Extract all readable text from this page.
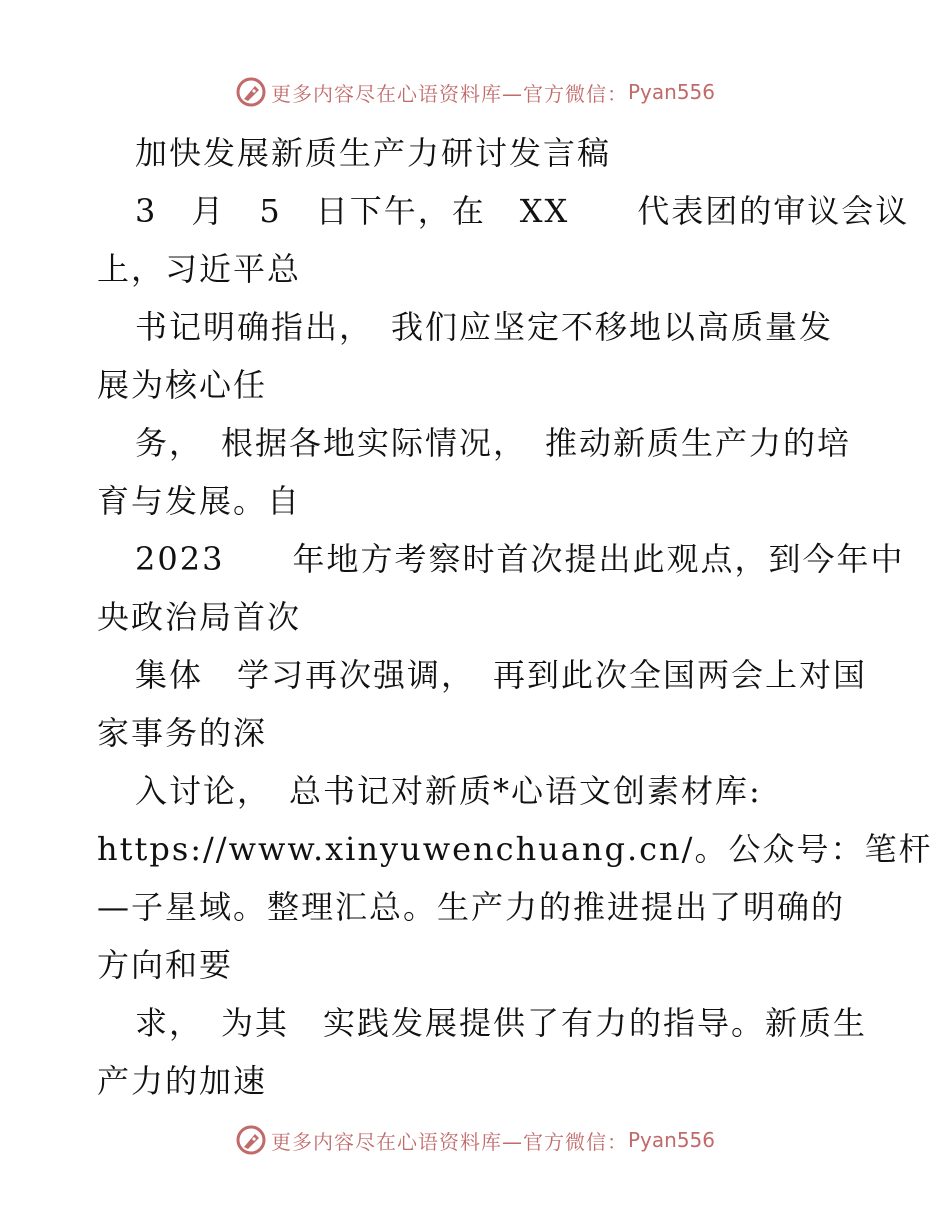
更多内容尽在心语资料库—官方微信： Pyan556
加快发展新质生产力研讨发言稿
3　月　5　日下午，在　XX　　代表团的审议会议
上，习近平总
书记明确指出，　我们应坚定不移地以高质量发
展为核心任
务，　根据各地实际情况，　推动新质生产力的培
育与发展。自
2023　　年地方考察时首次提出此观点，到今年中
央政治局首次
集体　学习再次强调，　再到此次全国两会上对国
家事务的深
入讨论，　总书记对新质*心语文创素材库:
https://www.xinyuwenchuang.cn/。公众号：笔杆
—子星域。整理汇总。生产力的推进提出了明确的
方向和要
求，　为其　实践发展提供了有力的指导。新质生
产力的加速
更多内容尽在心语资料库—官方微信： Pyan556
